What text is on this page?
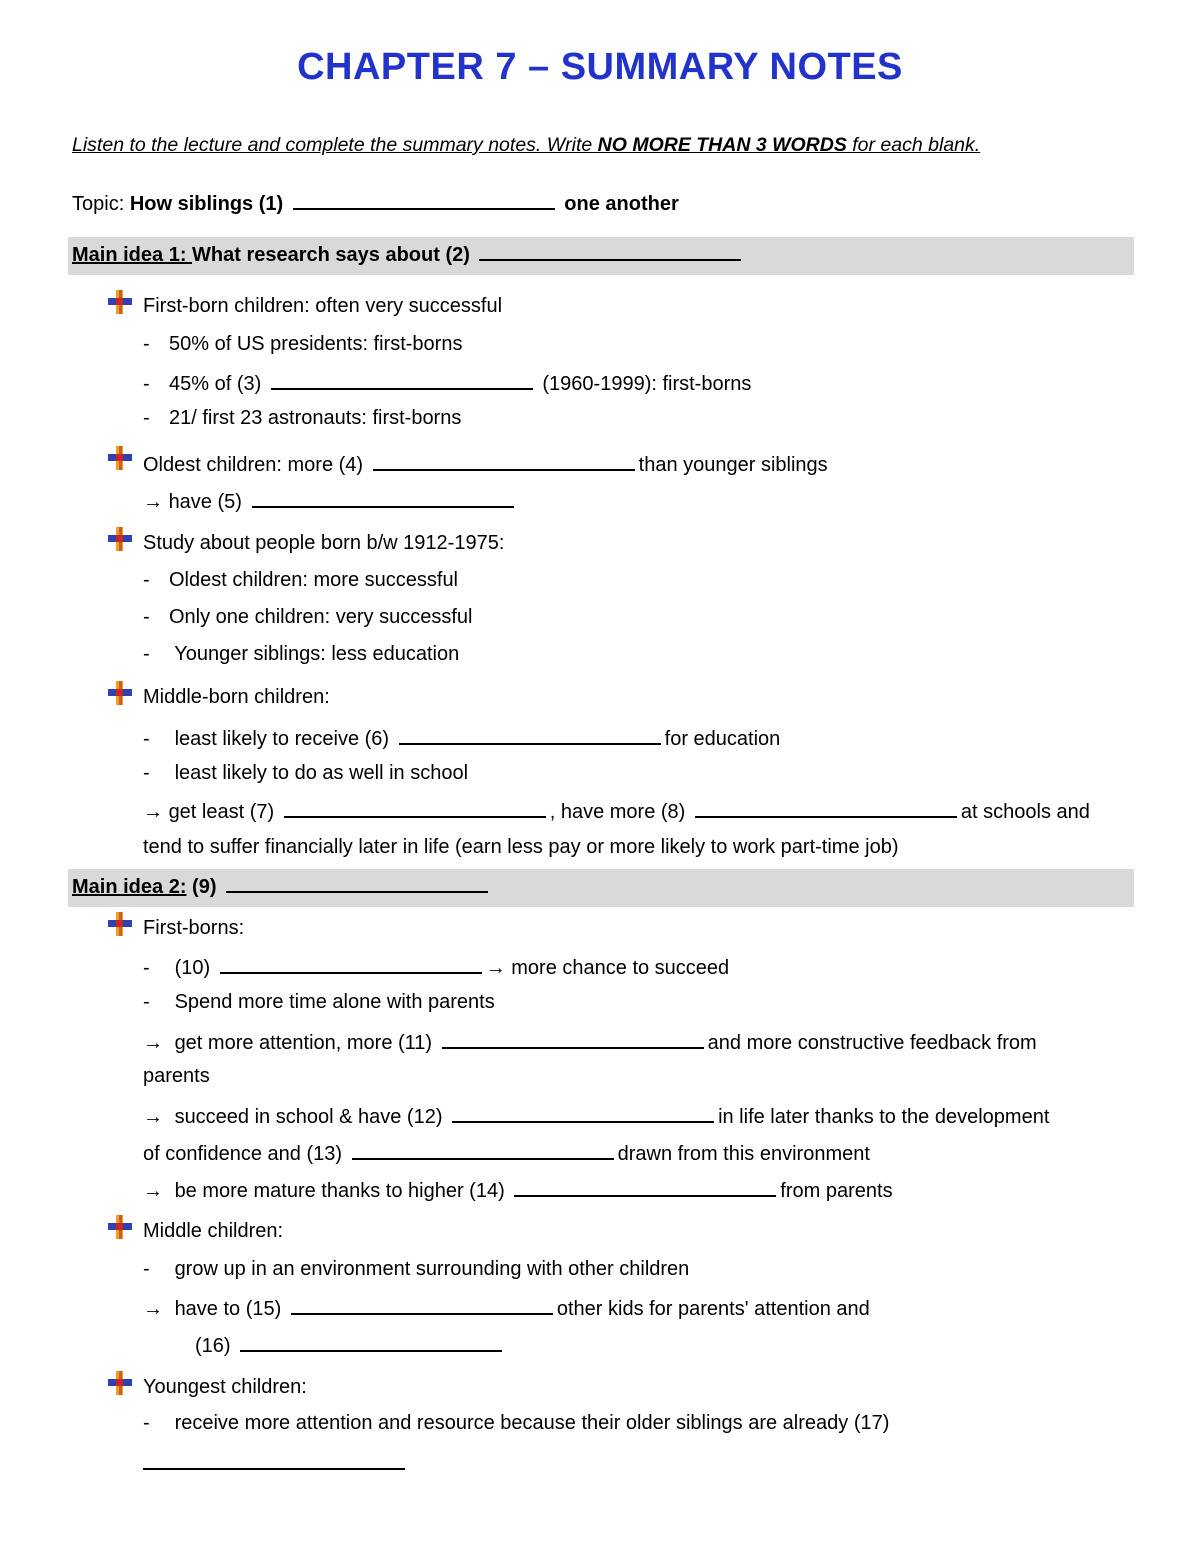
CHAPTER 7 – SUMMARY NOTES
Listen to the lecture and complete the summary notes. Write NO MORE THAN 3 WORDS for each blank.
Topic: How siblings (1)	one another
Main idea 1: What research says about (2)
First-born children: often very successful
- 50% of US presidents: first-borns
- 45% of (3)	(1960-1999): first-borns
- 21/ first 23 astronauts: first-borns
Oldest children: more (4)	than younger siblings
→ have (5)
Study about people born b/w 1912-1975:
- Oldest children: more successful
- Only one children: very successful
- Younger siblings: less education
Middle-born children:
- least likely to receive (6)	for education
- least likely to do as well in school
→ get least (7)	, have more (8)	at schools and
tend to suffer financially later in life (earn less pay or more likely to work part-time job)
Main idea 2: (9)
First-borns:
- (10)	→ more chance to succeed
- Spend more time alone with parents
→ get more attention, more (11)	and more constructive feedback from
parents
→ succeed in school & have (12)	in life later thanks to the development
of confidence and (13)	drawn from this environment
→ be more mature thanks to higher (14)	from parents
Middle children:
- grow up in an environment surrounding with other children
→ have to (15)	other kids for parents' attention and
(16)
Youngest children:
- receive more attention and resource because their older siblings are already (17)
